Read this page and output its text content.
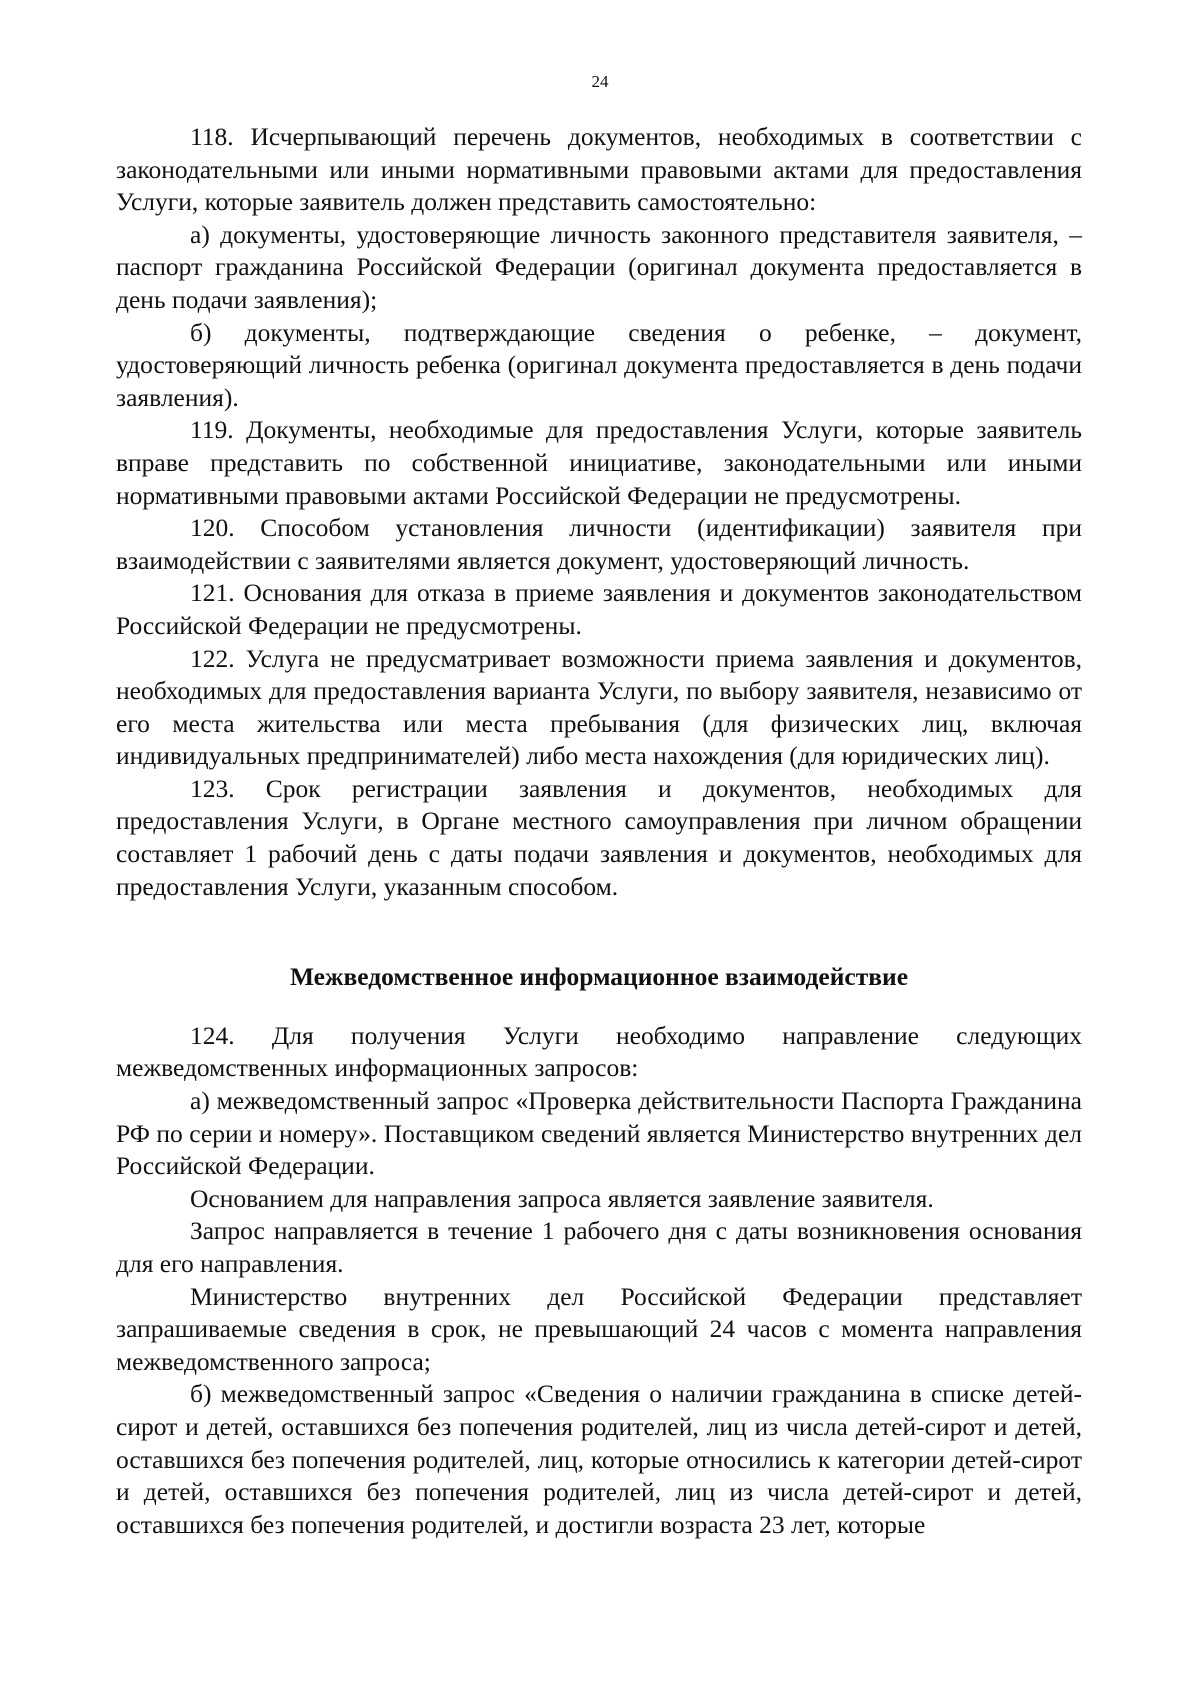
24

118. Исчерпывающий перечень документов, необходимых в соответствии с законодательными или иными нормативными правовыми актами для предоставления Услуги, которые заявитель должен представить самостоятельно:

а) документы, удостоверяющие личность законного представителя заявителя, – паспорт гражданина Российской Федерации (оригинал документа предоставляется в день подачи заявления);

б) документы, подтверждающие сведения о ребенке, – документ, удостоверяющий личность ребенка (оригинал документа предоставляется в день подачи заявления).

119. Документы, необходимые для предоставления Услуги, которые заявитель вправе представить по собственной инициативе, законодательными или иными нормативными правовыми актами Российской Федерации не предусмотрены.

120. Способом установления личности (идентификации) заявителя при взаимодействии с заявителями является документ, удостоверяющий личность.

121. Основания для отказа в приеме заявления и документов законодательством Российской Федерации не предусмотрены.

122. Услуга не предусматривает возможности приема заявления и документов, необходимых для предоставления варианта Услуги, по выбору заявителя, независимо от его места жительства или места пребывания (для физических лиц, включая индивидуальных предпринимателей) либо места нахождения (для юридических лиц).

123. Срок регистрации заявления и документов, необходимых для предоставления Услуги, в Органе местного самоуправления при личном обращении составляет 1 рабочий день с даты подачи заявления и документов, необходимых для предоставления Услуги, указанным способом.

Межведомственное информационное взаимодействие

124. Для получения Услуги необходимо направление следующих межведомственных информационных запросов:

а) межведомственный запрос «Проверка действительности Паспорта Гражданина РФ по серии и номеру». Поставщиком сведений является Министерство внутренних дел Российской Федерации.

Основанием для направления запроса является заявление заявителя.

Запрос направляется в течение 1 рабочего дня с даты возникновения основания для его направления.

Министерство внутренних дел Российской Федерации представляет запрашиваемые сведения в срок, не превышающий 24 часов с момента направления межведомственного запроса;

б) межведомственный запрос «Сведения о наличии гражданина в списке детей-сирот и детей, оставшихся без попечения родителей, лиц из числа детей-сирот и детей, оставшихся без попечения родителей, лиц, которые относились к категории детей-сирот и детей, оставшихся без попечения родителей, лиц из числа детей-сирот и детей, оставшихся без попечения родителей, и достигли возраста 23 лет, которые
